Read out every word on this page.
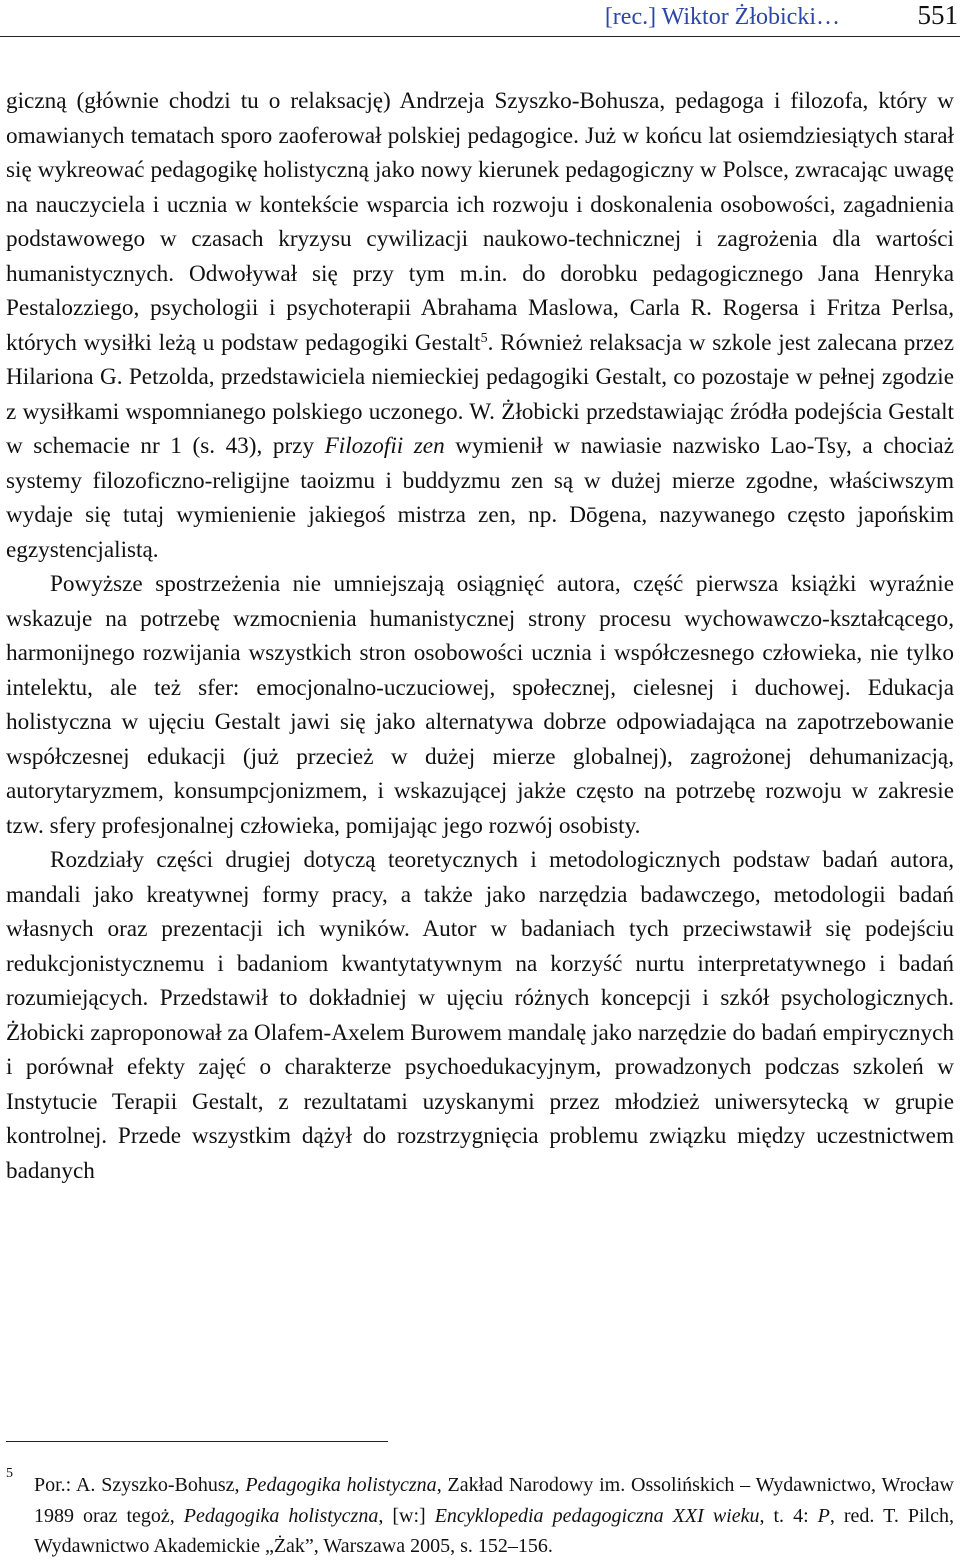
[rec.] Wiktor Żłobicki…	551

giczną (głównie chodzi tu o relaksację) Andrzeja Szyszko-Bohusza, pedagoga i filozofa, który w omawianych tematach sporo zaoferował polskiej pedagogice. Już w końcu lat osiemdziesiątych starał się wykreować pedagogikę holistyczną jako nowy kierunek pedagogiczny w Polsce, zwracając uwagę na nauczyciela i ucznia w kontekście wsparcia ich rozwoju i doskonalenia osobowości, zagadnienia podstawowego w czasach kryzysu cywilizacji naukowo-technicznej i zagrożenia dla wartości humanistycznych. Odwoływał się przy tym m.in. do dorobku pedagogicznego Jana Henryka Pestalozziego, psychologii i psychoterapii Abrahama Maslowa, Carla R. Rogersa i Fritza Perlsa, których wysiłki leżą u podstaw pedagogiki Gestalt$^5$. Również relaksacja w szkole jest zalecana przez Hilariona G. Petzolda, przedstawiciela niemieckiej pedagogiki Gestalt, co pozostaje w pełnej zgodzie z wysiłkami wspomnianego polskiego uczonego. W. Żłobicki przedstawiając źródła podejścia Gestalt w schemacie nr 1 (s. 43), przy Filozofii zen wymienił w nawiasie nazwisko Lao-Tsy, a chociaż systemy filozoficzno-religijne taoizmu i buddyzmu zen są w dużej mierze zgodne, właściwszym wydaje się tutaj wymienienie jakiegoś mistrza zen, np. Dōgena, nazywanego często japońskim egzystencjalistą.

Powyższe spostrzeżenia nie umniejszają osiągnięć autora, część pierwsza książki wyraźnie wskazuje na potrzebę wzmocnienia humanistycznej strony procesu wychowawczo-kształcącego, harmonijnego rozwijania wszystkich stron osobowości ucznia i współczesnego człowieka, nie tylko intelektu, ale też sfer: emocjonalno-uczuciowej, społecznej, cielesnej i duchowej. Edukacja holistyczna w ujęciu Gestalt jawi się jako alternatywa dobrze odpowiadająca na zapotrzebowanie współczesnej edukacji (już przecież w dużej mierze globalnej), zagrożonej dehumanizacją, autorytaryzmem, konsumpcjonizmem, i wskazującej jakże często na potrzebę rozwoju w zakresie tzw. sfery profesjonalnej człowieka, pomijając jego rozwój osobisty.

Rozdziały części drugiej dotyczą teoretycznych i metodologicznych podstaw badań autora, mandali jako kreatywnej formy pracy, a także jako narzędzia badawczego, metodologii badań własnych oraz prezentacji ich wyników. Autor w badaniach tych przeciwstawił się podejściu redukcjonistycznemu i badaniom kwantytatywnym na korzyść nurtu interpretatywnego i badań rozumiejących. Przedstawił to dokładniej w ujęciu różnych koncepcji i szkół psychologicznych. Żłobicki zaproponował za Olafem-Axelem Burowem mandalę jako narzędzie do badań empirycznych i porównał efekty zajęć o charakterze psychoedukacyjnym, prowadzonych podczas szkoleń w Instytucie Terapii Gestalt, z rezultatami uzyskanymi przez młodzież uniwersytecką w grupie kontrolnej. Przede wszystkim dążył do rozstrzygnięcia problemu związku między uczestnictwem badanych

5
Por.: A. Szyszko-Bohusz, Pedagogika holistyczna, Zakład Narodowy im. Ossolińskich – Wydawnictwo, Wrocław 1989 oraz tegoż, Pedagogika holistyczna, [w:] Encyklopedia pedagogiczna XXI wieku, t. 4: P, red. T. Pilch, Wydawnictwo Akademickie „Żak”, Warszawa 2005, s. 152–156.
